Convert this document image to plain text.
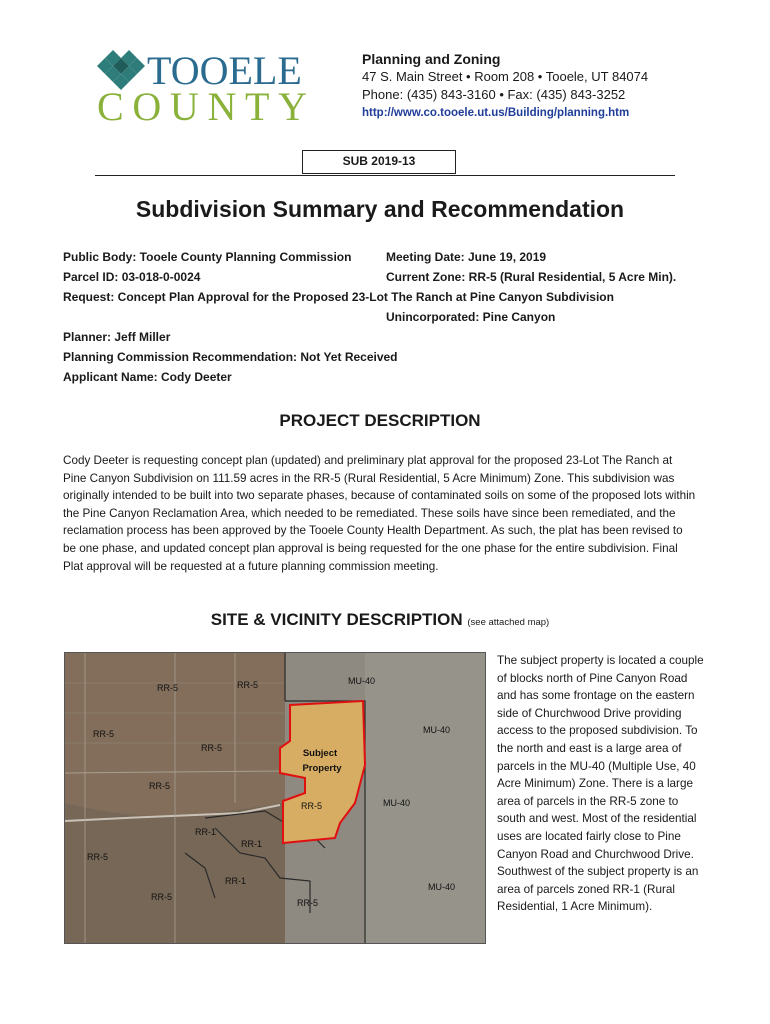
TOOELE
COUNTY
Planning and Zoning
47 S. Main Street • Room 208 • Tooele, UT 84074
Phone: (435) 843-3160 • Fax: (435) 843-3252
http://www.co.tooele.ut.us/Building/planning.htm
SUB 2019-13
Subdivision Summary and Recommendation
Public Body: Tooele County Planning Commission	Meeting Date: June 19, 2019
Parcel ID: 03-018-0-0024	Current Zone: RR-5 (Rural Residential, 5 Acre Min).
Request: Concept Plan Approval for the Proposed 23-Lot The Ranch at Pine Canyon Subdivision
Unincorporated: Pine Canyon
Planner: Jeff Miller
Planning Commission Recommendation: Not Yet Received
Applicant Name: Cody Deeter
PROJECT DESCRIPTION
Cody Deeter is requesting concept plan (updated) and preliminary plat approval for the proposed 23-Lot The Ranch at Pine Canyon Subdivision on 111.59 acres in the RR-5 (Rural Residential, 5 Acre Minimum) Zone. This subdivision was originally intended to be built into two separate phases, because of contaminated soils on some of the proposed lots within the Pine Canyon Reclamation Area, which needed to be remediated. These soils have since been remediated, and the reclamation process has been approved by the Tooele County Health Department. As such, the plat has been revised to be one phase, and updated concept plan approval is being requested for the one phase for the entire subdivision. Final Plat approval will be requested at a future planning commission meeting.
SITE & VICINITY DESCRIPTION (see attached map)
Subject
Property
RR-5	RR-5	MU-40
RR-5	MU-40
RR-5
RR-5
RR-5	MU-40
RR-1
RR-1
RR-5
RR-1
MU-40
RR-5
RR-5
The subject property is located a couple of blocks north of Pine Canyon Road and has some frontage on the eastern side of Churchwood Drive providing access to the proposed subdivision. To the north and east is a large area of parcels in the MU-40 (Multiple Use, 40 Acre Minimum) Zone. There is a large area of parcels in the RR-5 zone to south and west. Most of the residential uses are located fairly close to Pine Canyon Road and Churchwood Drive. Southwest of the subject property is an area of parcels zoned RR-1 (Rural Residential, 1 Acre Minimum).
